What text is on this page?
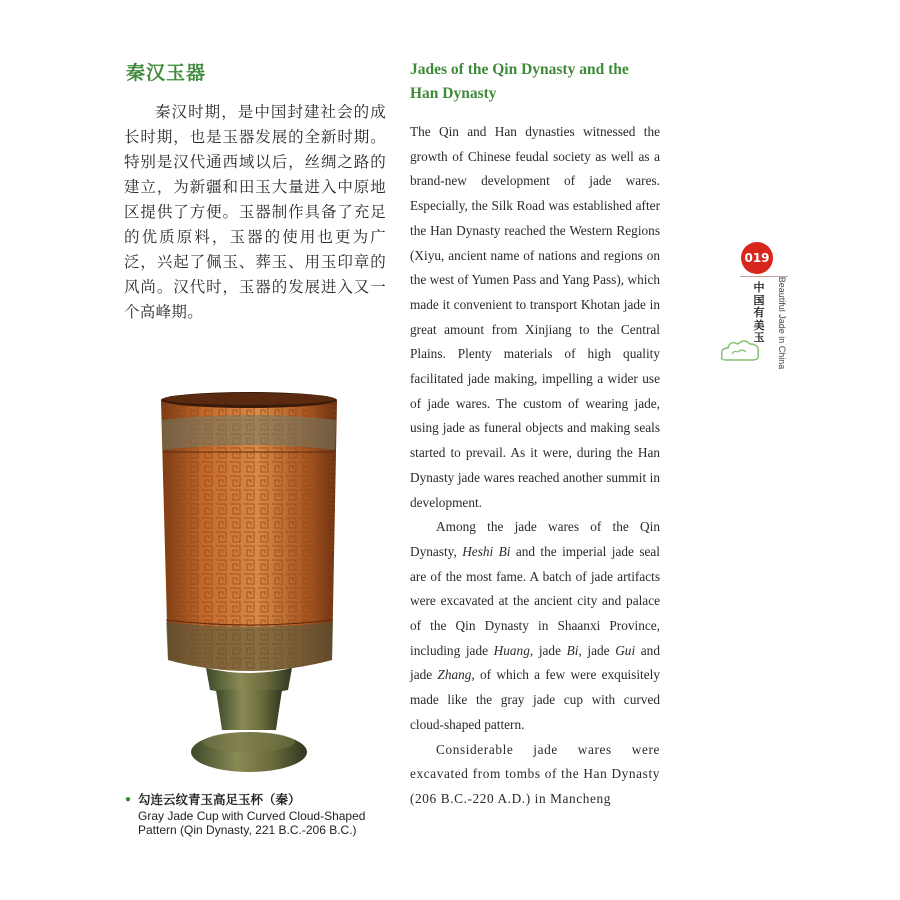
秦汉玉器
秦汉时期，是中国封建社会的成长时期，也是玉器发展的全新时期。特别是汉代通西域以后，丝绸之路的建立，为新疆和田玉大量进入中原地区提供了方便。玉器制作具备了充足的优质原料，玉器的使用也更为广泛，兴起了佩玉、葬玉、用玉印章的风尚。汉代时，玉器的发展进入又一个高峰期。
• 勾连云纹青玉高足玉杯（秦）
Gray Jade Cup with Curved Cloud-Shaped
Pattern (Qin Dynasty, 221 B.C.-206 B.C.)
Jades of the Qin Dynasty and the
Han Dynasty

The Qin and Han dynasties witnessed the growth of Chinese feudal society as well as a brand-new development of jade wares. Especially, the Silk Road was established after the Han Dynasty reached the Western Regions (Xiyu, ancient name of nations and regions on the west of Yumen Pass and Yang Pass), which made it convenient to transport Khotan jade in great amount from Xinjiang to the Central Plains. Plenty materials of high quality facilitated jade making, impelling a wider use of jade wares. The custom of wearing jade, using jade as funeral objects and making seals started to prevail. As it were, during the Han Dynasty jade wares reached another summit in development.

Among the jade wares of the Qin Dynasty, Heshi Bi and the imperial jade seal are of the most fame. A batch of jade artifacts were excavated at the ancient city and palace of the Qin Dynasty in Shaanxi Province, including jade Huang, jade Bi, jade Gui and jade Zhang, of which a few were exquisitely made like the gray jade cup with curved cloud-shaped pattern.

Considerable jade wares were excavated from tombs of the Han Dynasty (206 B.C.-220 A.D.) in Mancheng

019
中国有美玉 Beautiful Jade in China
